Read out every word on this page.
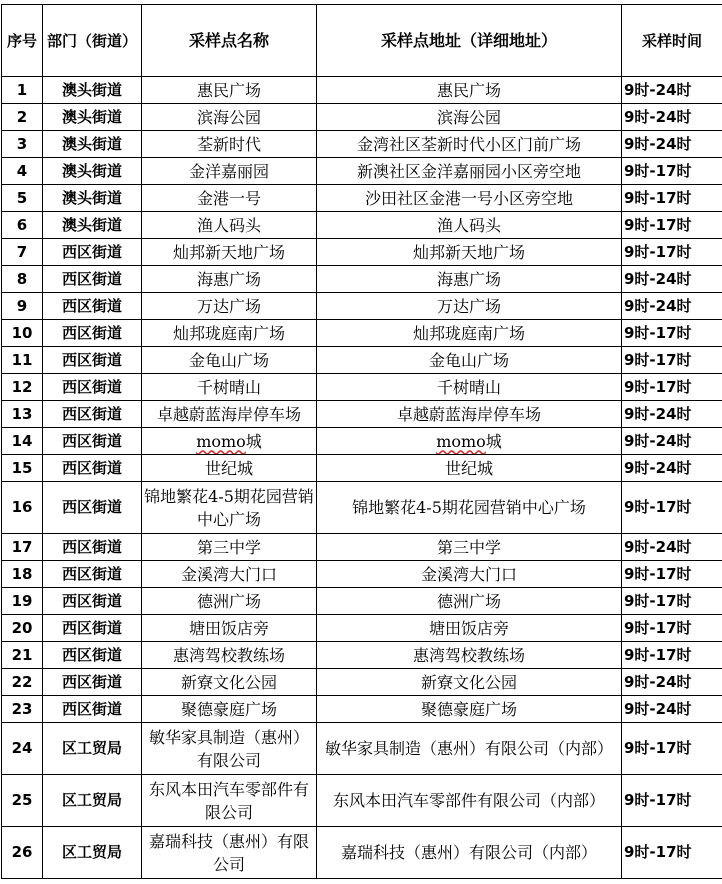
序号	部门（街道）	采样点名称	采样点地址（详细地址）	采样时间
1	澳头街道	惠民广场	惠民广场	9时-24时
2	澳头街道	滨海公园	滨海公园	9时-24时
3	澳头街道	荃新时代	金湾社区荃新时代小区门前广场	9时-24时
4	澳头街道	金洋嘉丽园	新澳社区金洋嘉丽园小区旁空地	9时-17时
5	澳头街道	金港一号	沙田社区金港一号小区旁空地	9时-17时
6	澳头街道	渔人码头	渔人码头	9时-17时
7	西区街道	灿邦新天地广场	灿邦新天地广场	9时-17时
8	西区街道	海惠广场	海惠广场	9时-24时
9	西区街道	万达广场	万达广场	9时-24时
10	西区街道	灿邦珑庭南广场	灿邦珑庭南广场	9时-17时
11	西区街道	金龟山广场	金龟山广场	9时-17时
12	西区街道	千树晴山	千树晴山	9时-17时
13	西区街道	卓越蔚蓝海岸停车场	卓越蔚蓝海岸停车场	9时-24时
14	西区街道	momo城	momo城	9时-24时
15	西区街道	世纪城	世纪城	9时-24时
16	西区街道	锦地繁花4-5期花园营销中心广场	锦地繁花4-5期花园营销中心广场	9时-17时
17	西区街道	第三中学	第三中学	9时-24时
18	西区街道	金溪湾大门口	金溪湾大门口	9时-17时
19	西区街道	德洲广场	德洲广场	9时-17时
20	西区街道	塘田饭店旁	塘田饭店旁	9时-17时
21	西区街道	惠湾驾校教练场	惠湾驾校教练场	9时-17时
22	西区街道	新寮文化公园	新寮文化公园	9时-24时
23	西区街道	聚德豪庭广场	聚德豪庭广场	9时-24时
24	区工贸局	敏华家具制造（惠州）有限公司	敏华家具制造（惠州）有限公司（内部）	9时-17时
25	区工贸局	东风本田汽车零部件有限公司	东风本田汽车零部件有限公司（内部）	9时-17时
26	区工贸局	嘉瑞科技（惠州）有限公司	嘉瑞科技（惠州）有限公司（内部）	9时-17时
